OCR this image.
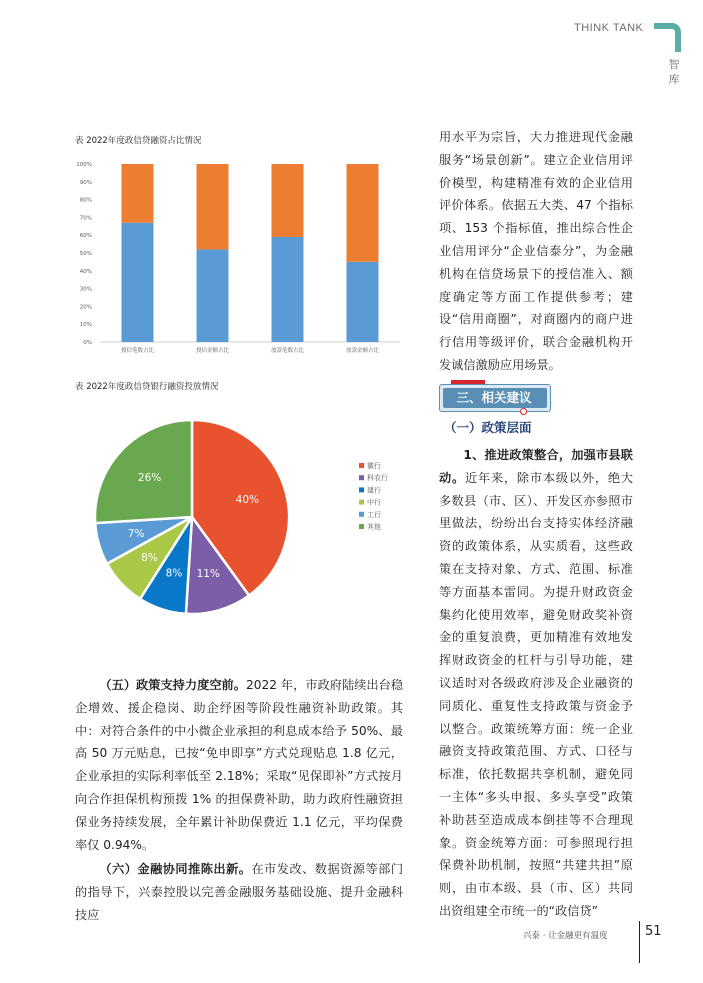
THINK TANK
智库
表 2022年度政信贷融资占比情况
100%
90%
80%
70%
60%
50%
40%
30%
20%
10%
0%
授信笔数占比	授信金额占比	放款笔数占比	放款金额占比
表 2022年度政信贷银行融资投放情况
40%
11%
8%
8%
7%
26%
徽行
科农行
建行
中行
工行
其他

（五）政策支持力度空前。2022 年，市政府陆续出台稳企增效、援企稳岗、助企纾困等阶段性融资补助政策。其中：对符合条件的中小微企业承担的利息成本给予 50%、最高 50 万元贴息，已按“免申即享”方式兑现贴息 1.8 亿元，企业承担的实际利率低至 2.18%；采取“见保即补”方式按月向合作担保机构预拨 1% 的担保费补助，助力政府性融资担保业务持续发展，全年累计补助保费近 1.1 亿元，平均保费率仅 0.94%。

（六）金融协同推陈出新。在市发改、数据资源等部门的指导下，兴泰控股以完善金融服务基础设施、提升金融科技应

用水平为宗旨，大力推进现代金融服务“场景创新”。建立企业信用评价模型，构建精准有效的企业信用评价体系。依据五大类、47 个指标项、153 个指标值，推出综合性企业信用评分“企业信泰分”，为金融机构在信贷场景下的授信准入、额度确定等方面工作提供参考；建设“信用商圈”，对商圈内的商户进行信用等级评价，联合金融机构开发诚信激励应用场景。

三、相关建议
（一）政策层面

1、推进政策整合，加强市县联动。近年来，除市本级以外，绝大多数县（市、区）、开发区亦参照市里做法，纷纷出台支持实体经济融资的政策体系，从实质看，这些政策在支持对象、方式、范围、标准等方面基本雷同。为提升财政资金集约化使用效率，避免财政奖补资金的重复浪费，更加精准有效地发挥财政资金的杠杆与引导功能，建议适时对各级政府涉及企业融资的同质化、重复性支持政策与资金予以整合。政策统筹方面：统一企业融资支持政策范围、方式、口径与标准，依托数据共享机制，避免同一主体“多头申报、多头享受”政策补助甚至造成成本倒挂等不合理现象。资金统筹方面：可参照现行担保费补助机制，按照“共建共担”原则，由市本级、县（市、区）共同出资组建全市统一的“政信贷”

兴泰 · 让金融更有温度	51
